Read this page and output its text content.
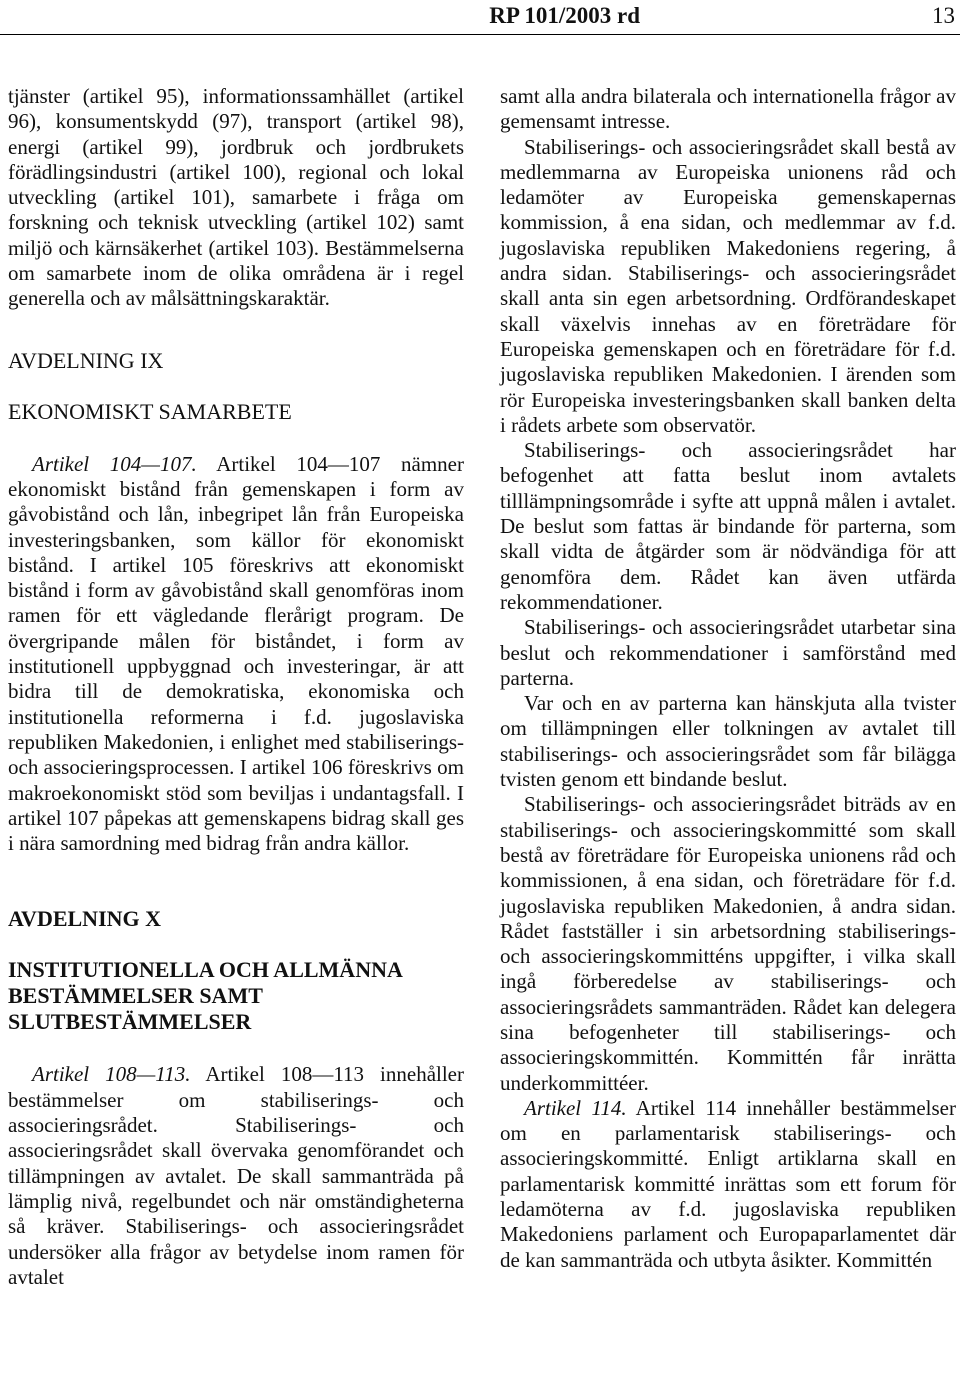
RP 101/2003 rd	13

tjänster (artikel 95), informationssamhället (artikel 96), konsumentskydd (97), transport (artikel 98), energi (artikel 99), jordbruk och jordbrukets förädlingsindustri (artikel 100), regional och lokal utveckling (artikel 101), samarbete i fråga om forskning och teknisk utveckling (artikel 102) samt miljö och kärnsäkerhet (artikel 103). Bestämmelserna om samarbete inom de olika områdena är i regel generella och av målsättningskaraktär.

AVDELNING IX
EKONOMISKT SAMARBETE

Artikel 104—107. Artikel 104—107 nämner ekonomiskt bistånd från gemenskapen i form av gåvobistånd och lån, inbegripet lån från Europeiska investeringsbanken, som källor för ekonomiskt bistånd. I artikel 105 föreskrivs att ekonomiskt bistånd i form av gåvobistånd skall genomföras inom ramen för ett vägledande flerårigt program. De övergripande målen för biståndet, i form av institutionell uppbyggnad och investeringar, är att bidra till de demokratiska, ekonomiska och institutionella reformerna i f.d. jugoslaviska republiken Makedonien, i enlighet med stabiliserings- och associeringsprocessen. I artikel 106 föreskrivs om makroekonomiskt stöd som beviljas i undantagsfall. I artikel 107 påpekas att gemenskapens bidrag skall ges i nära samordning med bidrag från andra källor.

AVDELNING X
INSTITUTIONELLA OCH ALLMÄNNA BESTÄMMELSER SAMT SLUTBESTÄMMELSER

Artikel 108—113. Artikel 108—113 innehåller bestämmelser om stabiliserings- och associeringsrådet. Stabiliserings- och associeringsrådet skall övervaka genomförandet och tillämpningen av avtalet. De skall sammanträda på lämplig nivå, regelbundet och när omständigheterna så kräver. Stabiliserings- och associeringsrådet undersöker alla frågor av betydelse inom ramen för avtalet

samt alla andra bilaterala och internationella frågor av gemensamt intresse.

Stabiliserings- och associeringsrådet skall bestå av medlemmarna av Europeiska unionens råd och ledamöter av Europeiska gemenskapernas kommission, å ena sidan, och medlemmar av f.d. jugoslaviska republiken Makedoniens regering, å andra sidan. Stabiliserings- och associeringsrådet skall anta sin egen arbetsordning. Ordförandeskapet skall växelvis innehas av en företrädare för Europeiska gemenskapen och en företrädare för f.d. jugoslaviska republiken Makedonien. I ärenden som rör Europeiska investeringsbanken skall banken delta i rådets arbete som observatör.

Stabiliserings- och associeringsrådet har befogenhet att fatta beslut inom avtalets tilllämpningsområde i syfte att uppnå målen i avtalet. De beslut som fattas är bindande för parterna, som skall vidta de åtgärder som är nödvändiga för att genomföra dem. Rådet kan även utfärda rekommendationer.

Stabiliserings- och associeringsrådet utarbetar sina beslut och rekommendationer i samförstånd med parterna.

Var och en av parterna kan hänskjuta alla tvister om tillämpningen eller tolkningen av avtalet till stabiliserings- och associeringsrådet som får bilägga tvisten genom ett bindande beslut.

Stabiliserings- och associeringsrådet biträds av en stabiliserings- och associeringskommitté som skall bestå av företrädare för Europeiska unionens råd och kommissionen, å ena sidan, och företrädare för f.d. jugoslaviska republiken Makedonien, å andra sidan. Rådet fastställer i sin arbetsordning stabiliserings- och associeringskommitténs uppgifter, i vilka skall ingå förberedelse av stabiliserings- och associeringsrådets sammanträden. Rådet kan delegera sina befogenheter till stabiliserings- och associeringskommittén. Kommittén får inrätta underkommittéer.

Artikel 114. Artikel 114 innehåller bestämmelser om en parlamentarisk stabiliserings- och associeringskommitté. Enligt artiklarna skall en parlamentarisk kommitté inrättas som ett forum för ledamöterna av f.d. jugoslaviska republiken Makedoniens parlament och Europaparlamentet där de kan sammanträda och utbyta åsikter. Kommittén
